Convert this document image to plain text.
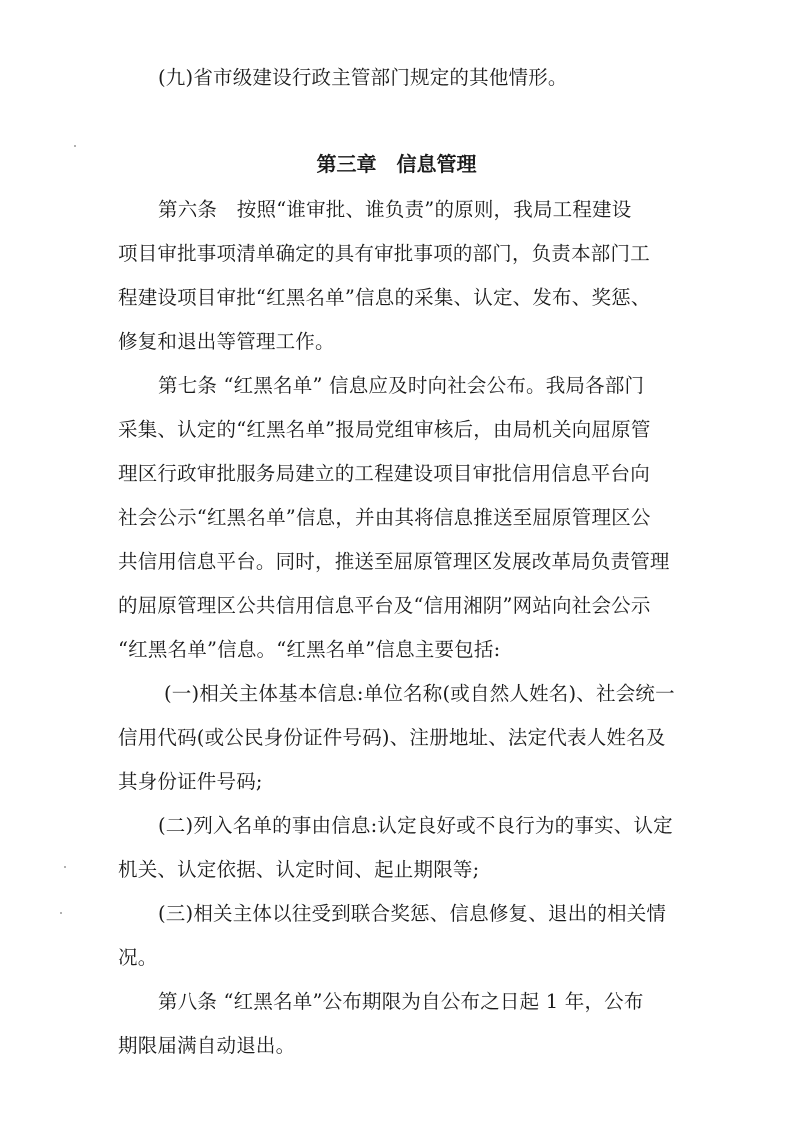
(九)省市级建设行政主管部门规定的其他情形。
第三章　信息管理
第六条　按照“谁审批、谁负责”的原则，我局工程建设
项目审批事项清单确定的具有审批事项的部门，负责本部门工
程建设项目审批“红黑名单”信息的采集、认定、发布、奖惩、
修复和退出等管理工作。
第七条 “红黑名单” 信息应及时向社会公布。我局各部门
采集、认定的“红黑名单”报局党组审核后，由局机关向屈原管
理区行政审批服务局建立的工程建设项目审批信用信息平台向
社会公示“红黑名单”信息，并由其将信息推送至屈原管理区公
共信用信息平台。同时，推送至屈原管理区发展改革局负责管理
的屈原管理区公共信用信息平台及“信用湘阴”网站向社会公示
“红黑名单”信息。“红黑名单”信息主要包括:
(一)相关主体基本信息:单位名称(或自然人姓名)、社会统一
信用代码(或公民身份证件号码)、注册地址、法定代表人姓名及
其身份证件号码;
(二)列入名单的事由信息:认定良好或不良行为的事实、认定
机关、认定依据、认定时间、起止期限等;
(三)相关主体以往受到联合奖惩、信息修复、退出的相关情
况。
第八条 “红黑名单”公布期限为自公布之日起 1 年，公布
期限届满自动退出。
